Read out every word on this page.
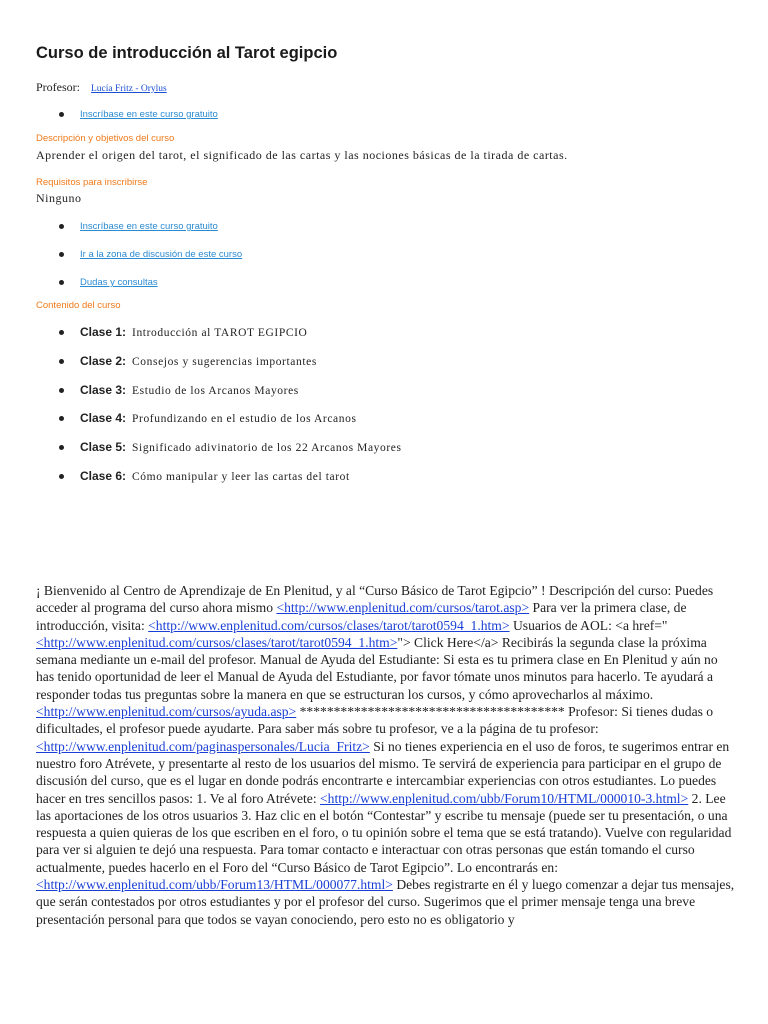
Curso de introducción al Tarot egipcio
Profesor: Lucía Fritz - Orylus
Inscríbase en este curso gratuito
Descripción y objetivos del curso
Aprender el origen del tarot, el significado de las cartas y las nociones básicas de la tirada de cartas.
Requisitos para inscribirse
Ninguno
Inscríbase en este curso gratuito
Ir a la zona de discusión de este curso
Dudas y consultas
Contenido del curso
Clase 1: Introducción al TAROT EGIPCIO
Clase 2: Consejos y sugerencias importantes
Clase 3: Estudio de los Arcanos Mayores
Clase 4: Profundizando en el estudio de los Arcanos
Clase 5: Significado adivinatorio de los 22 Arcanos Mayores
Clase 6: Cómo manipular y leer las cartas del tarot
¡ Bienvenido al Centro de Aprendizaje de En Plenitud, y al “Curso Básico de Tarot Egipcio” ! Descripción del curso: Puedes acceder al programa del curso ahora mismo <http://www.enplenitud.com/cursos/tarot.asp> Para ver la primera clase, de introducción, visita: <http://www.enplenitud.com/cursos/clases/tarot/tarot0594_1.htm> Usuarios de AOL: <a href="<http://www.enplenitud.com/cursos/clases/tarot/tarot0594_1.htm>"> Click Here</a> Recibirás la segunda clase la próxima semana mediante un e-mail del profesor. Manual de Ayuda del Estudiante: Si esta es tu primera clase en En Plenitud y aún no has tenido oportunidad de leer el Manual de Ayuda del Estudiante, por favor tómate unos minutos para hacerlo. Te ayudará a responder todas tus preguntas sobre la manera en que se estructuran los cursos, y cómo aprovecharlos al máximo. <http://www.enplenitud.com/cursos/ayuda.asp> *************************************** Profesor: Si tienes dudas o dificultades, el profesor puede ayudarte. Para saber más sobre tu profesor, ve a la página de tu profesor: <http://www.enplenitud.com/paginaspersonales/Lucia_Fritz> Si no tienes experiencia en el uso de foros, te sugerimos entrar en nuestro foro Atrévete, y presentarte al resto de los usuarios del mismo. Te servirá de experiencia para participar en el grupo de discusión del curso, que es el lugar en donde podrás encontrarte e intercambiar experiencias con otros estudiantes. Lo puedes hacer en tres sencillos pasos: 1. Ve al foro Atrévete: <http://www.enplenitud.com/ubb/Forum10/HTML/000010-3.html> 2. Lee las aportaciones de los otros usuarios 3. Haz clic en el botón “Contestar” y escribe tu mensaje (puede ser tu presentación, o una respuesta a quien quieras de los que escriben en el foro, o tu opinión sobre el tema que se está tratando). Vuelve con regularidad para ver si alguien te dejó una respuesta. Para tomar contacto e interactuar con otras personas que están tomando el curso actualmente, puedes hacerlo en el Foro del “Curso Básico de Tarot Egipcio”. Lo encontrarás en: <http://www.enplenitud.com/ubb/Forum13/HTML/000077.html> Debes registrarte en él y luego comenzar a dejar tus mensajes, que serán contestados por otros estudiantes y por el profesor del curso. Sugerimos que el primer mensaje tenga una breve presentación personal para que todos se vayan conociendo, pero esto no es obligatorio y
